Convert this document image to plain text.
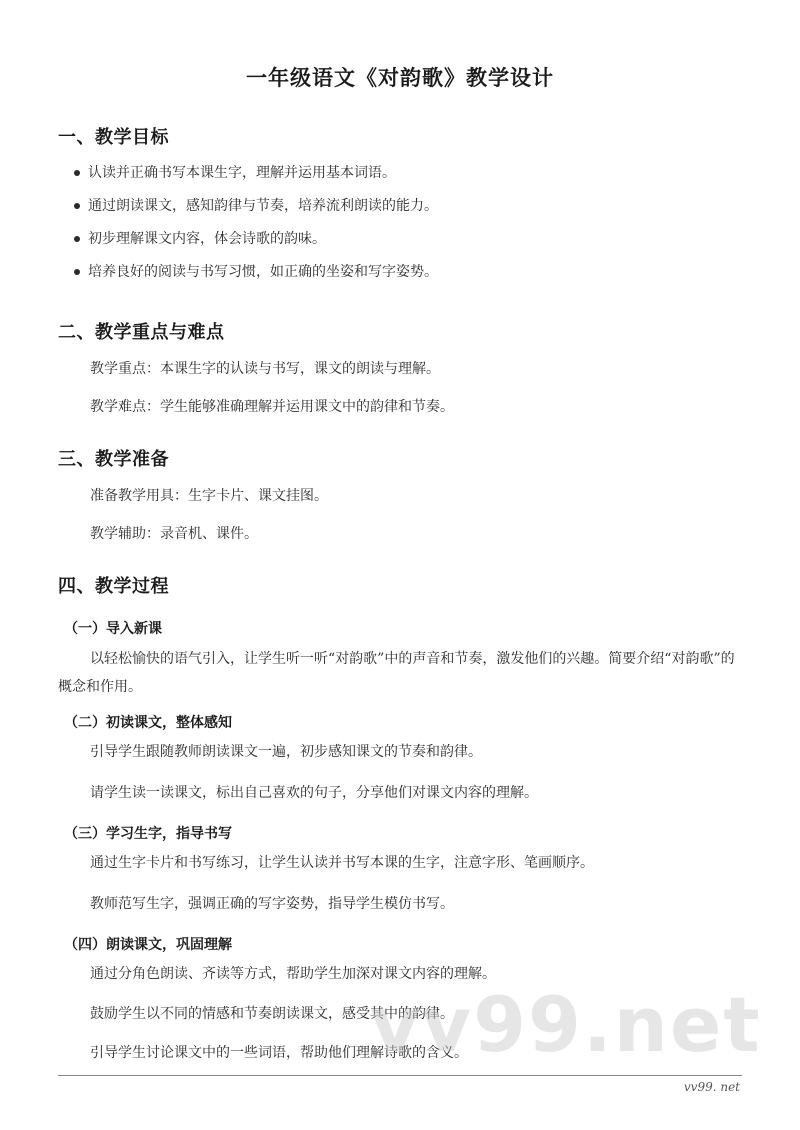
一年级语文《对韵歌》教学设计
一、教学目标
认读并正确书写本课生字，理解并运用基本词语。
通过朗读课文，感知韵律与节奏，培养流利朗读的能力。
初步理解课文内容，体会诗歌的韵味。
培养良好的阅读与书写习惯，如正确的坐姿和写字姿势。
二、教学重点与难点
教学重点：本课生字的认读与书写，课文的朗读与理解。
教学难点：学生能够准确理解并运用课文中的韵律和节奏。
三、教学准备
准备教学用具：生字卡片、课文挂图。
教学辅助：录音机、课件。
四、教学过程
（一）导入新课
以轻松愉快的语气引入，让学生听一听“对韵歌”中的声音和节奏，激发他们的兴趣。简要介绍“对韵歌”的概念和作用。
（二）初读课文，整体感知
引导学生跟随教师朗读课文一遍，初步感知课文的节奏和韵律。
请学生读一读课文，标出自己喜欢的句子，分享他们对课文内容的理解。
（三）学习生字，指导书写
通过生字卡片和书写练习，让学生认读并书写本课的生字，注意字形、笔画顺序。
教师范写生字，强调正确的写字姿势，指导学生模仿书写。
（四）朗读课文，巩固理解
通过分角色朗读、齐读等方式，帮助学生加深对课文内容的理解。
鼓励学生以不同的情感和节奏朗读课文，感受其中的韵律。
引导学生讨论课文中的一些词语，帮助他们理解诗歌的含义。
vv99.net
vv99. net
